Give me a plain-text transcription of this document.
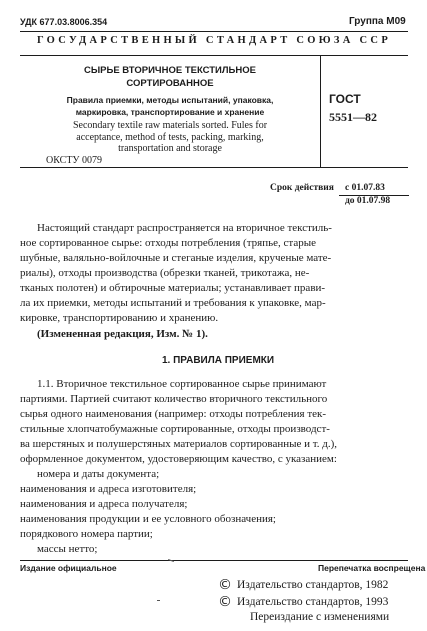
УДК 677.03.8006.354	Группа М09
ГОСУДАРСТВЕННЫЙ СТАНДАРТ СОЮЗА ССР
СЫРЬЕ ВТОРИЧНОЕ ТЕКСТИЛЬНОЕ
СОРТИРОВАННОЕ
Правила приемки, методы испытаний, упаковка,
маркировка, транспортирование и хранение
Secondary textile raw materials sorted. Fules for
acceptance, method of tests, packing, marking,
transportation and storage
ОКСТУ 0079
ГОСТ
5551—82
Срок действия с 01.07.83
до 01.07.98
Настоящий стандарт распространяется на вторичное текстиль-
ное сортированное сырье: отходы потребления (тряпье, старые
шубные, валяльно-войлочные и стеганые изделия, крученые мате-
риалы), отходы производства (обрезки тканей, трикотажа, не-
тканых полотен) и обтирочные материалы; устанавливает прави-
ла их приемки, методы испытаний и требования к упаковке, мар-
кировке, транспортированию и хранению.
(Измененная редакция, Изм. № 1).
1. ПРАВИЛА ПРИЕМКИ
1.1. Вторичное текстильное сортированное сырье принимают
партиями. Партией считают количество вторичного текстильного
сырья одного наименования (например: отходы потребления тек-
стильные хлопчатобумажные сортированные, отходы производст-
ва шерстяных и полушерстяных материалов сортированные и т. д.),
оформленное документом, удостоверяющим качество, с указанием:
номера и даты документа;
наименования и адреса изготовителя;
наименования и адреса получателя;
наименования продукции и ее условного обозначения;
порядкового номера партии;
массы нетто;
Издание официальное	Перепечатка воспрещена
© Издательство стандартов, 1982
© Издательство стандартов, 1993
Переиздание с изменениями
